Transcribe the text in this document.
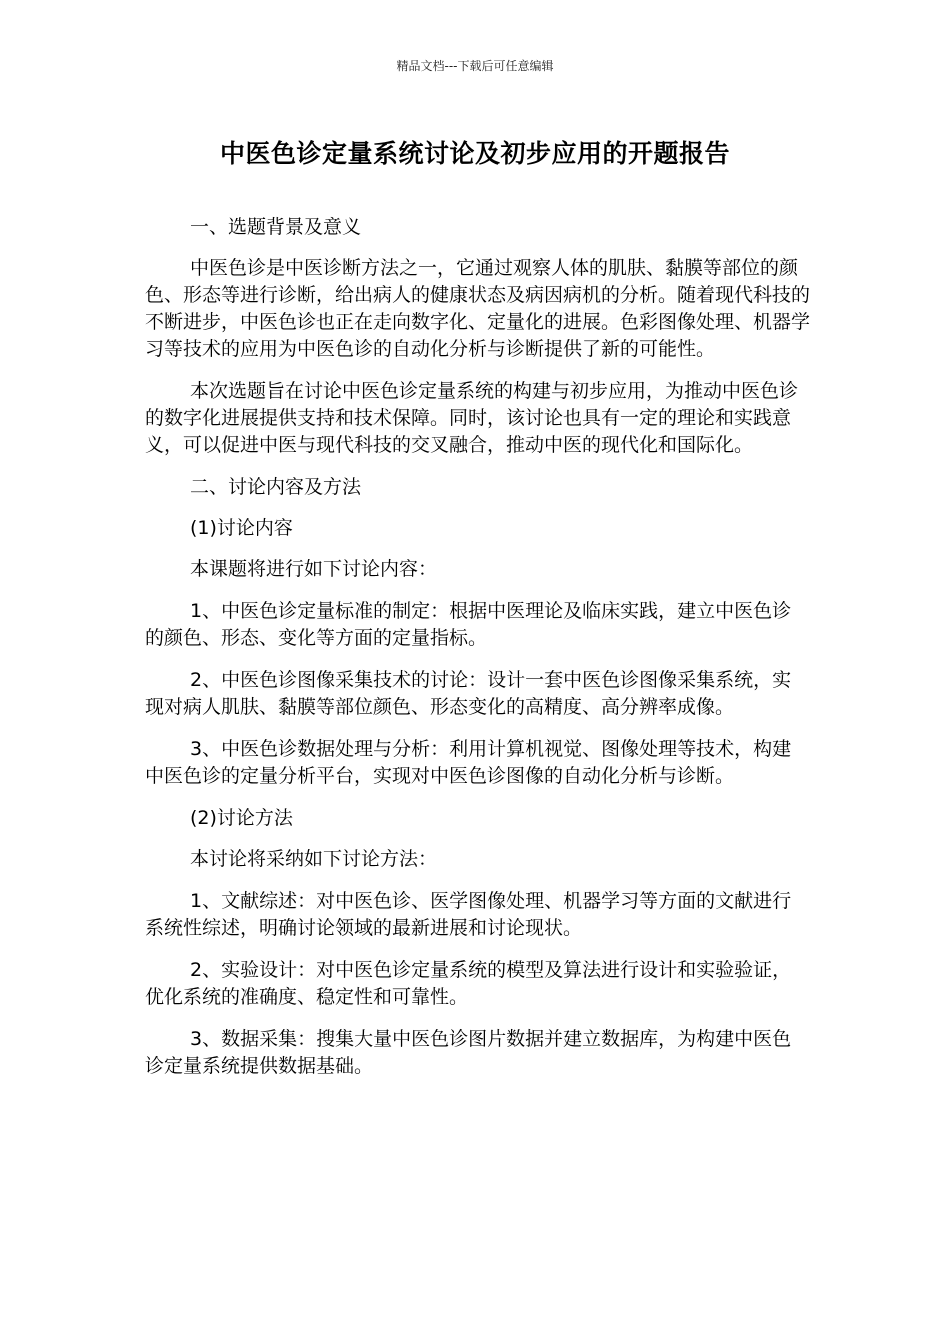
精品文档---下载后可任意编辑
中医色诊定量系统讨论及初步应用的开题报告

一、选题背景及意义

中医色诊是中医诊断方法之一，它通过观察人体的肌肤、黏膜等部位的颜色、形态等进行诊断，给出病人的健康状态及病因病机的分析。随着现代科技的不断进步，中医色诊也正在走向数字化、定量化的进展。色彩图像处理、机器学习等技术的应用为中医色诊的自动化分析与诊断提供了新的可能性。

本次选题旨在讨论中医色诊定量系统的构建与初步应用，为推动中医色诊的数字化进展提供支持和技术保障。同时，该讨论也具有一定的理论和实践意义，可以促进中医与现代科技的交叉融合，推动中医的现代化和国际化。

二、讨论内容及方法

(1)讨论内容

本课题将进行如下讨论内容：

1、中医色诊定量标准的制定：根据中医理论及临床实践，建立中医色诊的颜色、形态、变化等方面的定量指标。

2、中医色诊图像采集技术的讨论：设计一套中医色诊图像采集系统，实现对病人肌肤、黏膜等部位颜色、形态变化的高精度、高分辨率成像。

3、中医色诊数据处理与分析：利用计算机视觉、图像处理等技术，构建中医色诊的定量分析平台，实现对中医色诊图像的自动化分析与诊断。

(2)讨论方法

本讨论将采纳如下讨论方法：

1、文献综述：对中医色诊、医学图像处理、机器学习等方面的文献进行系统性综述，明确讨论领域的最新进展和讨论现状。

2、实验设计：对中医色诊定量系统的模型及算法进行设计和实验验证，优化系统的准确度、稳定性和可靠性。

3、数据采集：搜集大量中医色诊图片数据并建立数据库，为构建中医色诊定量系统提供数据基础。
